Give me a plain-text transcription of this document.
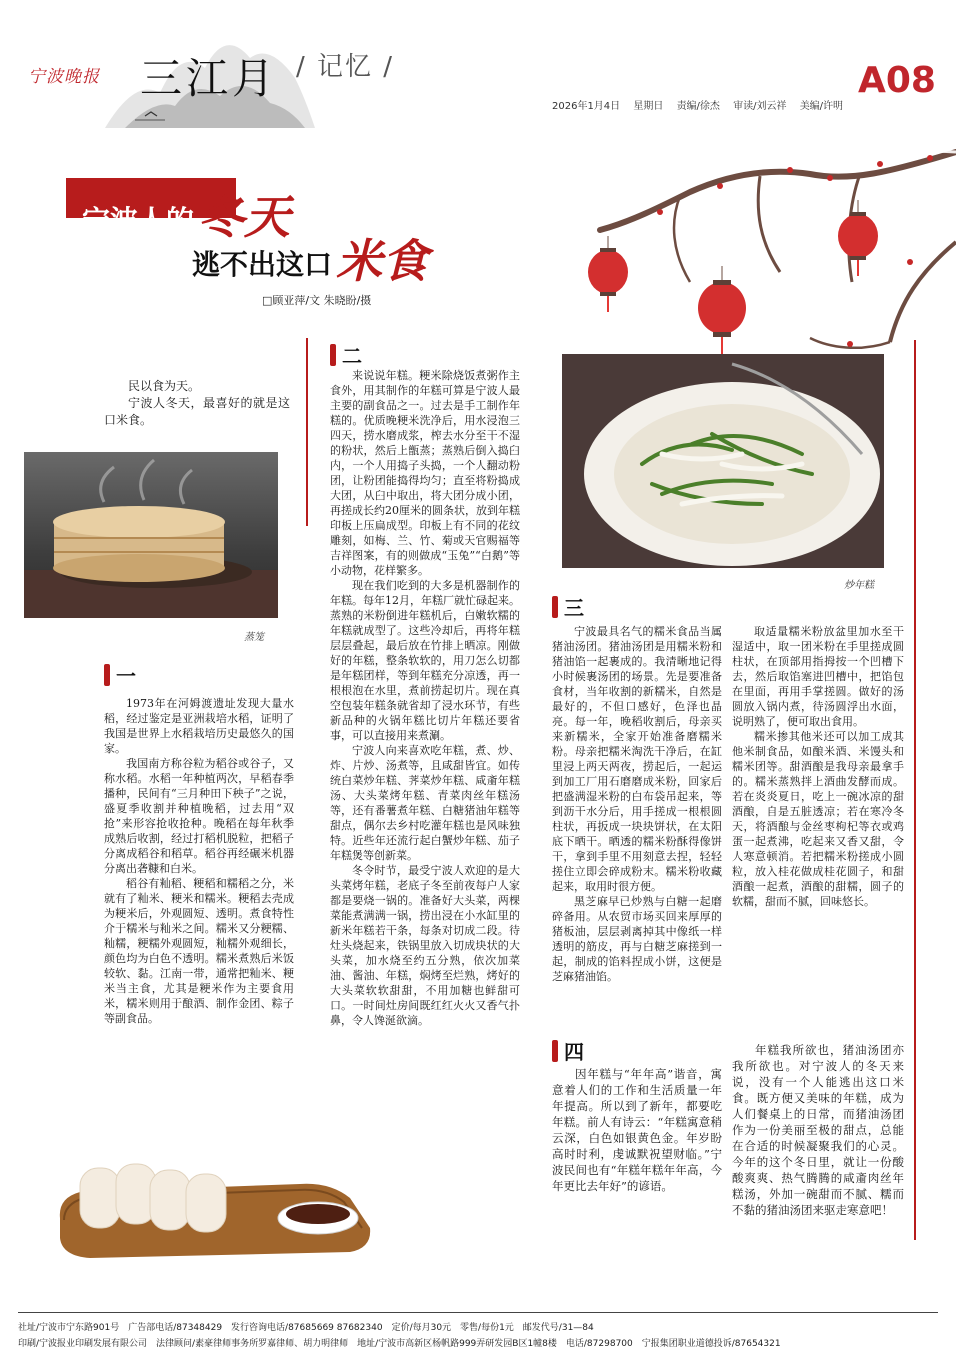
宁波晚报 三江月 / 记忆 /	A08
2026年1月4日 星期日 责编/徐杰 审读/刘云祥 美编/许明
宁波人的冬天
逃不出这口米食
□顾亚萍/文 朱晓盼/摄

民以食为天。

宁波人冬天，最喜好的就是这口米食。

蒸笼
一

1973年在河姆渡遗址发现大量水稻，经过鉴定是亚洲栽培水稻，证明了我国是世界上水稻栽培历史最悠久的国家。

我国南方称谷粒为稻谷或谷子，又称水稻。水稻一年种植两次，早稻春季播种，民间有“三月种田下秧子”之说，盛夏季收割并种植晚稻，过去用“双抢”来形容抢收抢种。晚稻在每年秋季成熟后收割，经过打稻机脱粒，把稻子分离成稻谷和稻草。稻谷再经碾米机器分离出砻糠和白米。

稻谷有籼稻、粳稻和糯稻之分，米就有了籼米、粳米和糯米。粳稻去壳成为粳米后，外观圆短、透明。煮食特性介于糯米与籼米之间。糯米又分粳糯、籼糯，粳糯外观圆短，籼糯外观细长，颜色均为白色不透明。糯米煮熟后米饭较软、黏。江南一带，通常把籼米、粳米当主食，尤其是粳米作为主要食用米，糯米则用于酿酒、制作金团、粽子等副食品。

二

来说说年糕。粳米除烧饭煮粥作主食外，用其制作的年糕可算是宁波人最主要的副食品之一。过去是手工制作年糕的。优质晚粳米洗净后，用水浸泡三四天，捞水磨成浆，榨去水分至干不湿的粉状，然后上甑蒸；蒸熟后倒入捣臼内，一个人用捣子头捣，一个人翻动粉团，让粉团能捣得均匀；直至将粉捣成大团，从臼中取出，将大团分成小团，再搓成长约20厘米的圆条状，放到年糕印板上压扁成型。印板上有不同的花纹雕刻，如梅、兰、竹、菊或天官赐福等吉祥图案，有的则做成“玉兔”“白鹅”等小动物，花样繁多。

现在我们吃到的大多是机器制作的年糕。每年12月，年糕厂就忙碌起来。蒸熟的米粉倒进年糕机后，白嫩软糯的年糕就成型了。这些冷却后，再将年糕层层叠起，最后放在竹排上晒凉。刚做好的年糕，整条软软的，用刀怎么切都是年糕团样，等到年糕充分凉透，再一根根泡在水里，煮前捞起切片。现在真空包装年糕条就省却了浸水环节，有些新品种的火锅年糕比切片年糕还要省事，可以直接用来煮涮。

宁波人向来喜欢吃年糕，煮、炒、炸、片炒、汤煮等，且咸甜皆宜。如传统白菜炒年糕、荠菜炒年糕、咸齑年糕汤、大头菜烤年糕、青菜肉丝年糕汤等，还有番薯煮年糕、白糖猪油年糕等甜点，偶尔去乡村吃灌年糕也是风味独特。近些年还流行起白蟹炒年糕、茄子年糕煲等创新菜。

冬令时节，最受宁波人欢迎的是大头菜烤年糕，老底子冬至前夜每户人家都是要烧一锅的。准备好大头菜，两棵菜能煮满满一锅，捞出浸在小水缸里的新米年糕若干条，每条对切成二段。待灶头烧起来，铁锅里放入切成块状的大头菜，加水烧至约五分熟，依次加菜油、酱油、年糕，焖烤至烂熟，烤好的大头菜软软甜甜，不用加糖也鲜甜可口。一时间灶房间既红红火火又香气扑鼻，令人馋涎欲滴。

炒年糕
三

宁波最具名气的糯米食品当属猪油汤团。猪油汤团是用糯米粉和猪油馅一起裹成的。我清晰地记得小时候裹汤团的场景。先是要准备食材，当年收割的新糯米，自然是最好的，不但口感好，色泽也晶亮。每一年，晚稻收割后，母亲买来新糯米，全家开始准备磨糯米粉。母亲把糯米淘洗干净后，在缸里浸上两天两夜，捞起后，一起运到加工厂用石磨磨成米粉，回家后把盛满湿米粉的白布袋吊起来，等到沥干水分后，用手搓成一根根圆柱状，再扳成一块块饼状，在太阳底下晒干。晒透的糯米粉酥得像饼干，拿到手里不用刻意去捏，轻轻搓住立即会碎成粉末。糯米粉收藏起来，取用时很方便。

黑芝麻早已炒熟与白糖一起磨碎备用。从农贸市场买回来厚厚的猪板油，层层剥离掉其中像纸一样透明的筋皮，再与白糖芝麻搓到一起，制成的馅料捏成小饼，这便是芝麻猪油馅。

取适量糯米粉放盆里加水至干湿适中，取一团米粉在手里搓成圆柱状，在顶部用指拇按一个凹槽下去，然后取馅塞进凹槽中，把馅包在里面，再用手掌搓圆。做好的汤圆放入锅内煮，待汤圆浮出水面，说明熟了，便可取出食用。

糯米掺其他米还可以加工成其他米制食品，如酿米酒、米馒头和糯米团等。甜酒酿是我母亲最拿手的。糯米蒸熟拌上酒曲发酵而成。若在炎炎夏日，吃上一碗冰凉的甜酒酿，自是五脏透凉；若在寒冷冬天，将酒酿与金丝枣枸杞等衣或鸡蛋一起煮沸，吃起来又香又甜，令人寒意顿消。若把糯米粉搓成小圆粒，放入桂花做成桂花圆子，和甜酒酿一起煮，酒酿的甜糯，圆子的软糯，甜而不腻，回味悠长。

四

因年糕与“年年高”谐音，寓意着人们的工作和生活质量一年年提高。所以到了新年，都要吃年糕。前人有诗云：“年糕寓意稍云深，白色如银黄色金。年岁盼高时时利，虔诚默祝望财临。”宁波民间也有“年糕年糕年年高，今年更比去年好”的谚语。

年糕我所欲也，猪油汤团亦我所欲也。对宁波人的冬天来说，没有一个人能逃出这口米食。既方便又美味的年糕，成为人们餐桌上的日常，而猪油汤团作为一份美丽至极的甜点，总能在合适的时候凝聚我们的心灵。今年的这个冬日里，就让一份酸酸爽爽、热气腾腾的咸齑肉丝年糕汤，外加一碗甜而不腻、糯而不黏的猪油汤团来驱走寒意吧！

社址/宁波市宁东路901号　广告部电话/87348429　发行咨询电话/87685669 87682340　定价/每月30元　零售/每份1元　邮发代号/31—84
印刷/宁波报业印刷发展有限公司　法律顾问/素豪律师事务所罗嘉律师、胡力明律师　地址/宁波市高新区杨帆路999弄研发园B区1幢8楼　电话/87298700　宁报集团职业道德投诉/87654321
